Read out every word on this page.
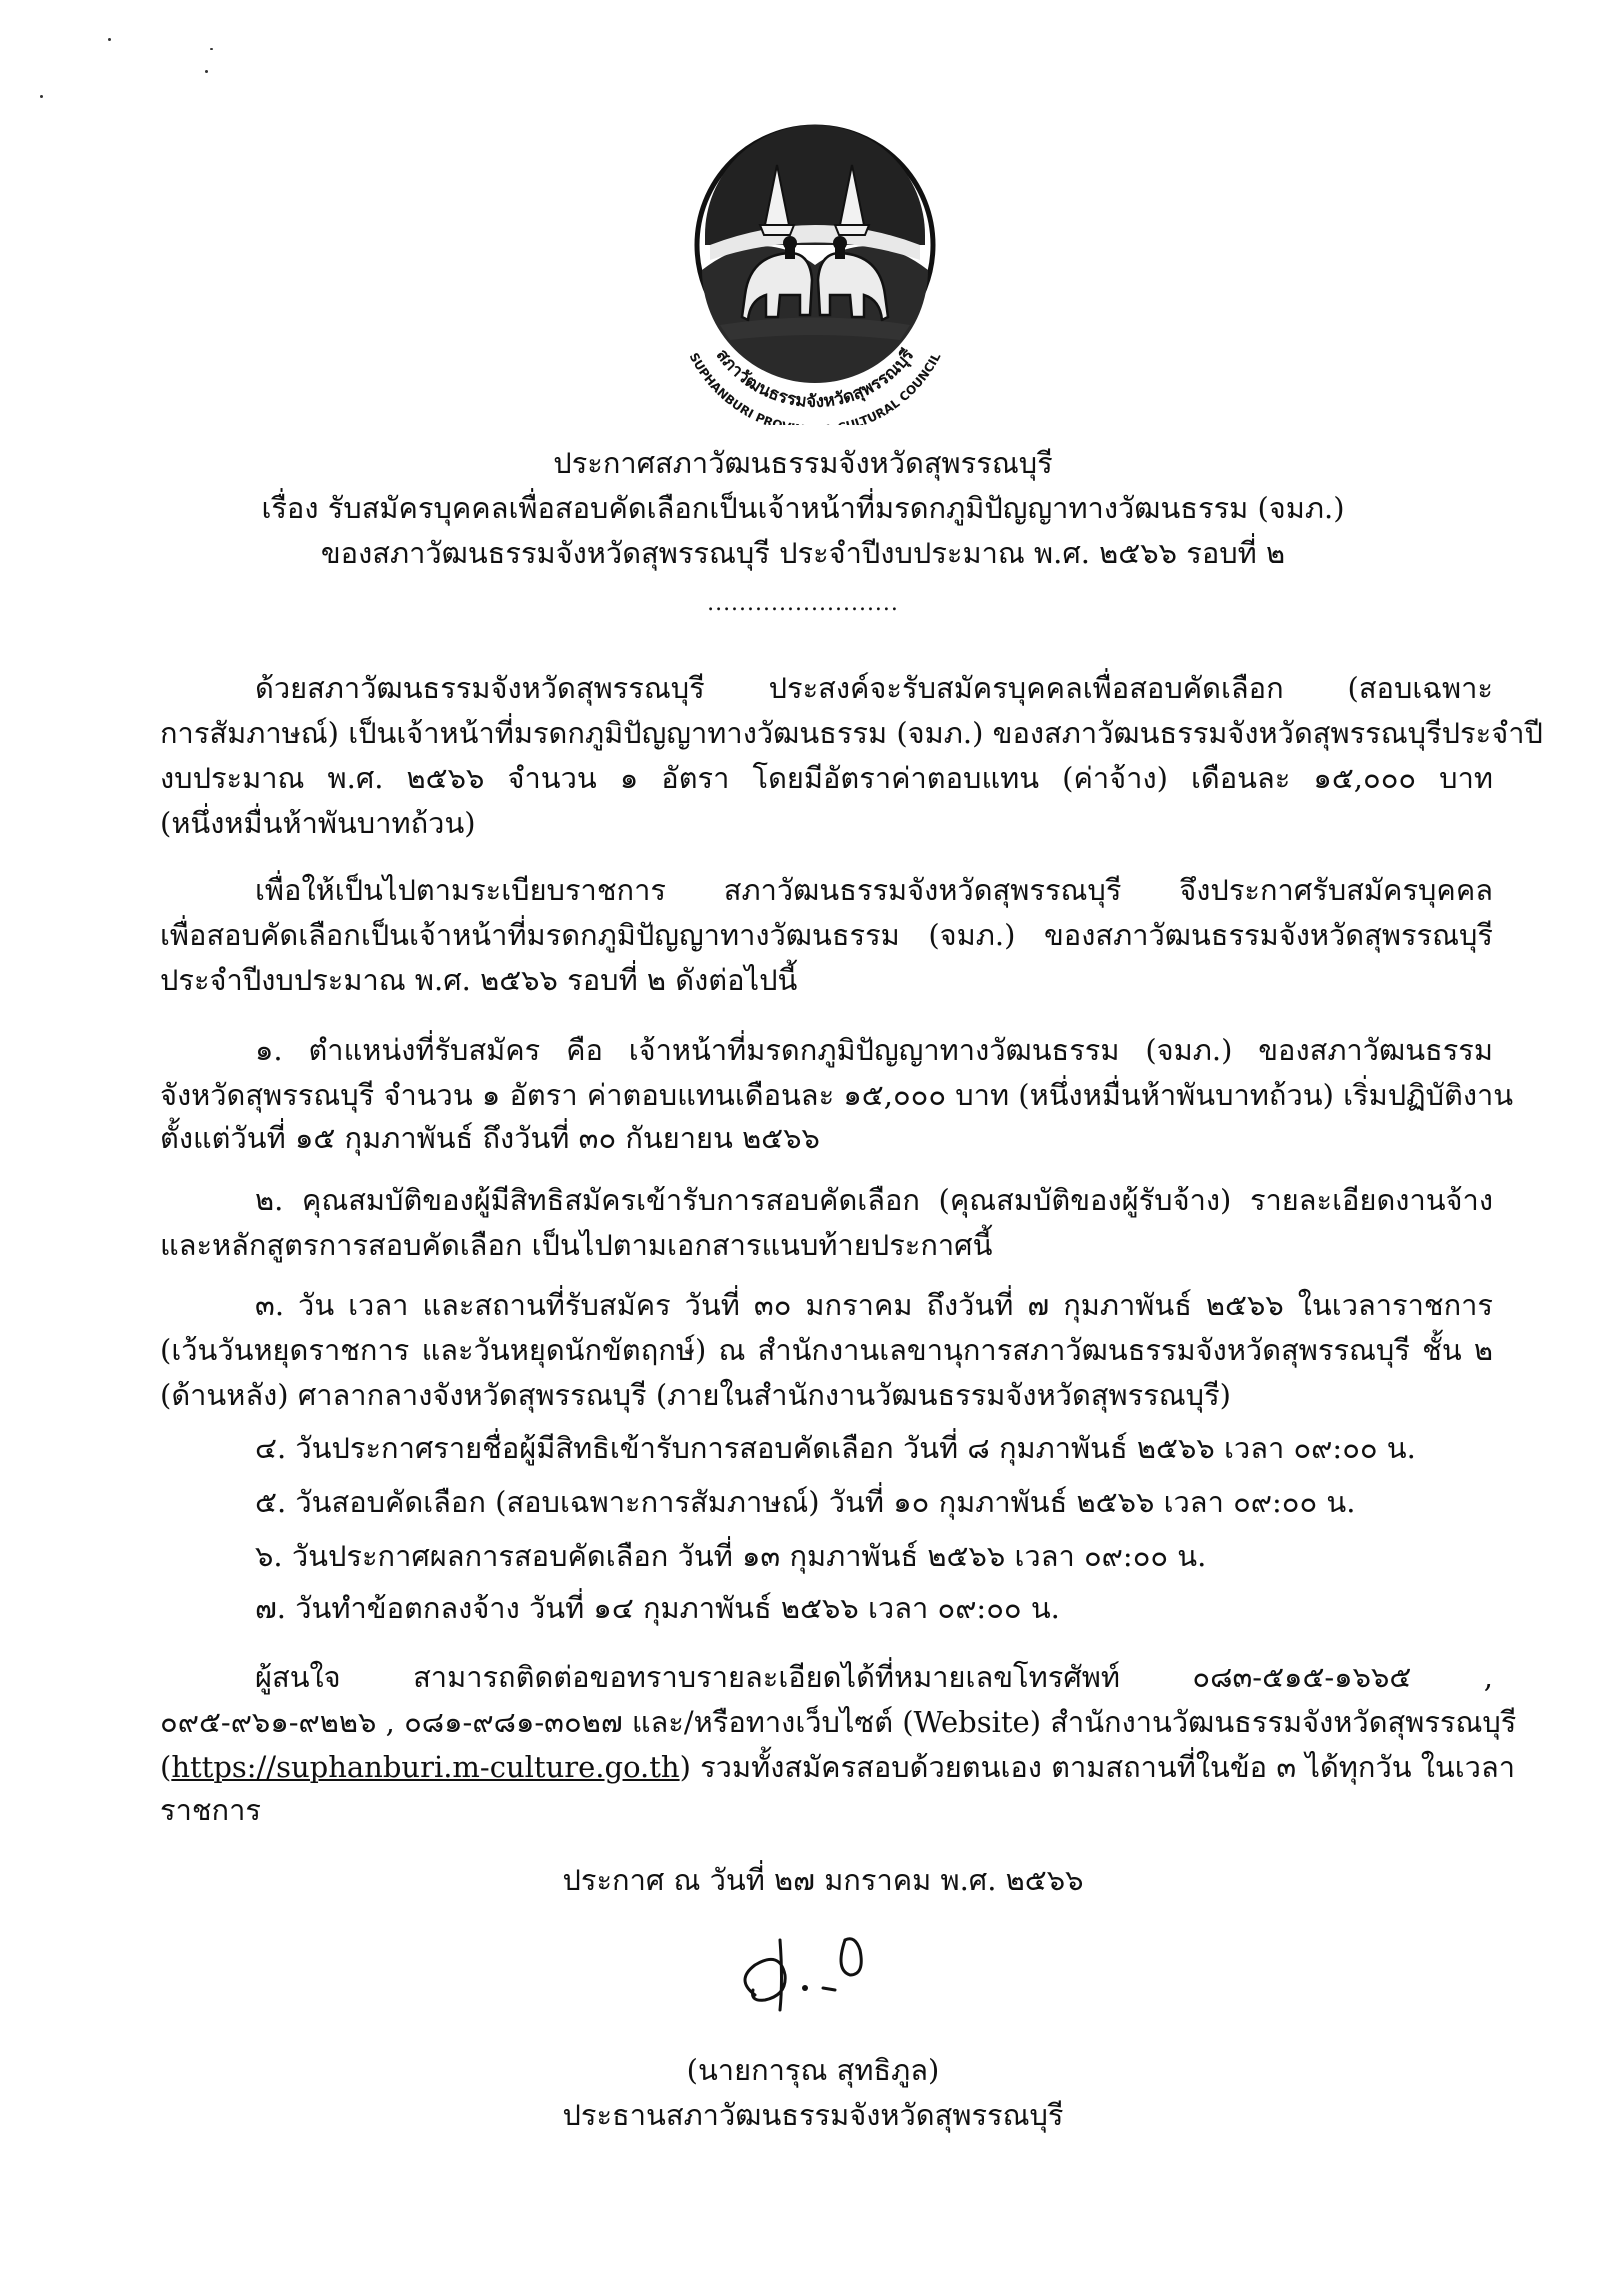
สภาวัฒนธรรมจังหวัดสุพรรณบุรี
SUPHANBURI PRO LTURAL COUNCIL
ประกาศสภาวัฒนธรรมจังหวัดสุพรรณบุรี
เรื่อง รับสมัครบุคคลเพื่อสอบคัดเลือกเป็นเจ้าหน้าที่มรดกภูมิปัญญาทางวัฒนธรรม (จมภ.)
ของสภาวัฒนธรรมจังหวัดสุพรรณบุรี ประจำปีงบประมาณ พ.ศ. ๒๕๖๖ รอบที่ ๒
........................
ด้วยสภาวัฒนธรรมจังหวัดสุพรรณบุรี ประสงค์จะรับสมัครบุคคลเพื่อสอบคัดเลือก (สอบเฉพาะ
การสัมภาษณ์) เป็นเจ้าหน้าที่มรดกภูมิปัญญาทางวัฒนธรรม (จมภ.) ของสภาวัฒนธรรมจังหวัดสุพรรณบุรีประจำปี
งบประมาณ พ.ศ. ๒๕๖๖ จำนวน ๑ อัตรา โดยมีอัตราค่าตอบแทน (ค่าจ้าง) เดือนละ ๑๕,๐๐๐ บาท
(หนึ่งหมื่นห้าพันบาทถ้วน)
เพื่อให้เป็นไปตามระเบียบราชการ สภาวัฒนธรรมจังหวัดสุพรรณบุรี จึงประกาศรับสมัครบุคคล
เพื่อสอบคัดเลือกเป็นเจ้าหน้าที่มรดกภูมิปัญญาทางวัฒนธรรม (จมภ.) ของสภาวัฒนธรรมจังหวัดสุพรรณบุรี
ประจำปีงบประมาณ พ.ศ. ๒๕๖๖ รอบที่ ๒ ดังต่อไปนี้
๑. ตำแหน่งที่รับสมัคร คือ เจ้าหน้าที่มรดกภูมิปัญญาทางวัฒนธรรม (จมภ.) ของสภาวัฒนธรรม
จังหวัดสุพรรณบุรี จำนวน ๑ อัตรา ค่าตอบแทนเดือนละ ๑๕,๐๐๐ บาท (หนึ่งหมื่นห้าพันบาทถ้วน) เริ่มปฏิบัติงาน
ตั้งแต่วันที่ ๑๕ กุมภาพันธ์ ถึงวันที่ ๓๐ กันยายน ๒๕๖๖
๒. คุณสมบัติของผู้มีสิทธิสมัครเข้ารับการสอบคัดเลือก (คุณสมบัติของผู้รับจ้าง) รายละเอียดงานจ้าง
และหลักสูตรการสอบคัดเลือก เป็นไปตามเอกสารแนบท้ายประกาศนี้
๓. วัน เวลา และสถานที่รับสมัคร วันที่ ๓๐ มกราคม ถึงวันที่ ๗ กุมภาพันธ์ ๒๕๖๖ ในเวลาราชการ
(เว้นวันหยุดราชการ และวันหยุดนักขัตฤกษ์) ณ สำนักงานเลขานุการสภาวัฒนธรรมจังหวัดสุพรรณบุรี ชั้น ๒
(ด้านหลัง) ศาลากลางจังหวัดสุพรรณบุรี (ภายในสำนักงานวัฒนธรรมจังหวัดสุพรรณบุรี)
๔. วันประกาศรายชื่อผู้มีสิทธิเข้ารับการสอบคัดเลือก วันที่ ๘ กุมภาพันธ์ ๒๕๖๖ เวลา ๐๙:๐๐ น.
๕. วันสอบคัดเลือก (สอบเฉพาะการสัมภาษณ์) วันที่ ๑๐ กุมภาพันธ์ ๒๕๖๖ เวลา ๐๙:๐๐ น.
๖. วันประกาศผลการสอบคัดเลือก วันที่ ๑๓ กุมภาพันธ์ ๒๕๖๖ เวลา ๐๙:๐๐ น.
๗. วันทำข้อตกลงจ้าง วันที่ ๑๔ กุมภาพันธ์ ๒๕๖๖ เวลา ๐๙:๐๐ น.
ผู้สนใจ สามารถติดต่อขอทราบรายละเอียดได้ที่หมายเลขโทรศัพท์ ๐๘๓-๕๑๕-๑๖๖๕ ,
๐๙๕-๙๖๑-๙๒๒๖ , ๐๘๑-๙๘๑-๓๐๒๗ และ/หรือทางเว็บไซต์ (Website) สำนักงานวัฒนธรรมจังหวัดสุพรรณบุรี
( https://suphanburi.m-culture.go.th ) รวมทั้งสมัครสอบด้วยตนเอง ตามสถานที่ในข้อ ๓ ได้ทุกวัน ในเวลา
ราชการ
ประกาศ ณ วันที่ ๒๗ มกราคม พ.ศ. ๒๕๖๖
(นายการุณ สุทธิภูล)
ประธานสภาวัฒนธรรมจังหวัดสุพรรณบุรี
